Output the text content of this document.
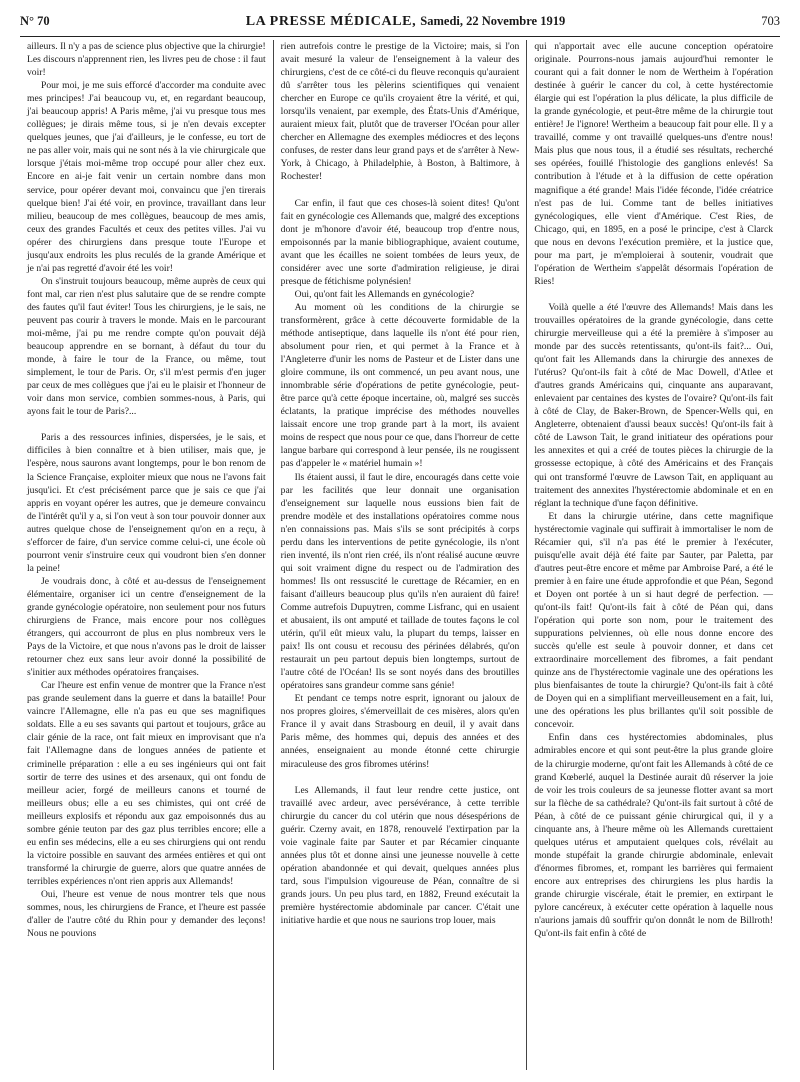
N° 70	LA PRESSE MÉDICALE, Samedi, 22 Novembre 1919	703

ailleurs. Il n'y a pas de science plus objective que la chirurgie! Les discours n'apprennent rien, les livres peu de chose : il faut voir!

Pour moi, je me suis efforcé d'accorder ma conduite avec mes principes! J'ai beaucoup vu, et, en regardant beaucoup, j'ai beaucoup appris! A Paris même, j'ai vu presque tous mes collègues; je dirais même tous, si je n'en devais excepter quelques jeunes, que j'ai d'ailleurs, je le confesse, eu tort de ne pas aller voir, mais qui ne sont nés à la vie chirurgicale que lorsque j'étais moi-même trop occupé pour aller chez eux. Encore en ai-je fait venir un certain nombre dans mon service, pour opérer devant moi, convaincu que j'en tirerais quelque bien! J'ai été voir, en province, travaillant dans leur milieu, beaucoup de mes collègues, beaucoup de mes amis, ceux des grandes Facultés et ceux des petites villes. J'ai vu opérer des chirurgiens dans presque toute l'Europe et jusqu'aux endroits les plus reculés de la grande Amérique et je n'ai pas regretté d'avoir été les voir!

On s'instruit toujours beaucoup, même auprès de ceux qui font mal, car rien n'est plus salutaire que de se rendre compte des fautes qu'il faut éviter! Tous les chirurgiens, je le sais, ne peuvent pas courir à travers le monde. Mais en le parcourant moi-même, j'ai pu me rendre compte qu'on pouvait déjà beaucoup apprendre en se bornant, à défaut du tour du monde, à faire le tour de la France, ou même, tout simplement, le tour de Paris. Or, s'il m'est permis d'en juger par ceux de mes collègues que j'ai eu le plaisir et l'honneur de voir dans mon service, combien sommes-nous, à Paris, qui ayons fait le tour de Paris?...

Paris a des ressources infinies, dispersées, je le sais, et difficiles à bien connaître et à bien utiliser, mais que, je l'espère, nous saurons avant longtemps, pour le bon renom de la Science Française, exploiter mieux que nous ne l'avons fait jusqu'ici. Et c'est précisément parce que je sais ce que j'ai appris en voyant opérer les autres, que je demeure convaincu de l'intérêt qu'il y a, si l'on veut à son tour pouvoir donner aux autres quelque chose de l'enseignement qu'on en a reçu, à s'efforcer de faire, d'un service comme celui-ci, une école où pourront venir s'instruire ceux qui voudront bien s'en donner la peine!

Je voudrais donc, à côté et au-dessus de l'enseignement élémentaire, organiser ici un centre d'enseignement de la grande gynécologie opératoire, non seulement pour nos futurs chirurgiens de France, mais encore pour nos collègues étrangers, qui accourront de plus en plus nombreux vers le Pays de la Victoire, et que nous n'avons pas le droit de laisser retourner chez eux sans leur avoir donné la possibilité de s'initier aux méthodes opératoires françaises.

Car l'heure est enfin venue de montrer que la France n'est pas grande seulement dans la guerre et dans la bataille! Pour vaincre l'Allemagne, elle n'a pas eu que ses magnifiques soldats. Elle a eu ses savants qui partout et toujours, grâce au clair génie de la race, ont fait mieux en improvisant que n'a fait l'Allemagne dans de longues années de patiente et criminelle préparation : elle a eu ses ingénieurs qui ont fait sortir de terre des usines et des arsenaux, qui ont fondu de meilleur acier, forgé de meilleurs canons et tourné de meilleurs obus; elle a eu ses chimistes, qui ont créé de meilleurs explosifs et répondu aux gaz empoisonnés dus au sombre génie teuton par des gaz plus terribles encore; elle a eu enfin ses médecins, elle a eu ses chirurgiens qui ont rendu la victoire possible en sauvant des armées entières et qui ont transformé la chirurgie de guerre, alors que quatre années de terribles expériences n'ont rien appris aux Allemands!

Oui, l'heure est venue de nous montrer tels que nous sommes, nous, les chirurgiens de France, et l'heure est passée d'aller de l'autre côté du Rhin pour y demander des leçons! Nous ne pouvions

rien autrefois contre le prestige de la Victoire; mais, si l'on avait mesuré la valeur de l'enseignement à la valeur des chirurgiens, c'est de ce côté-ci du fleuve reconquis qu'auraient dû s'arrêter tous les pèlerins scientifiques qui venaient chercher en Europe ce qu'ils croyaient être la vérité, et qui, lorsqu'ils venaient, par exemple, des États-Unis d'Amérique, auraient mieux fait, plutôt que de traverser l'Océan pour aller chercher en Allemagne des exemples médiocres et des leçons confuses, de rester dans leur grand pays et de s'arrêter à New-York, à Chicago, à Philadelphie, à Boston, à Baltimore, à Rochester!

Car enfin, il faut que ces choses-là soient dites! Qu'ont fait en gynécologie ces Allemands que, malgré des exceptions dont je m'honore d'avoir été, beaucoup trop d'entre nous, empoisonnés par la manie bibliographique, avaient coutume, avant que les écailles ne soient tombées de leurs yeux, de considérer avec une sorte d'admiration religieuse, je dirai presque de fétichisme polynésien!

Oui, qu'ont fait les Allemands en gynécologie?

Au moment où les conditions de la chirurgie se transformèrent, grâce à cette découverte formidable de la méthode antiseptique, dans laquelle ils n'ont été pour rien, absolument pour rien, et qui permet à la France et à l'Angleterre d'unir les noms de Pasteur et de Lister dans une gloire commune, ils ont commencé, un peu avant nous, une innombrable série d'opérations de petite gynécologie, peut-être parce qu'à cette époque incertaine, où, malgré ses succès éclatants, la pratique imprécise des méthodes nouvelles laissait encore une trop grande part à la mort, ils avaient moins de respect que nous pour ce que, dans l'horreur de cette langue barbare qui correspond à leur pensée, ils ne rougissent pas d'appeler le « matériel humain »!

Ils étaient aussi, il faut le dire, encouragés dans cette voie par les facilités que leur donnait une organisation d'enseignement sur laquelle nous eussions bien fait de prendre modèle et des installations opératoires comme nous n'en connaissions pas. Mais s'ils se sont précipités à corps perdu dans les interventions de petite gynécologie, ils n'ont rien inventé, ils n'ont rien créé, ils n'ont réalisé aucune œuvre qui soit vraiment digne du respect ou de l'admiration des hommes! Ils ont ressuscité le curettage de Récamier, en en faisant d'ailleurs beaucoup plus qu'ils n'en auraient dû faire! Comme autrefois Dupuytren, comme Lisfranc, qui en usaient et abusaient, ils ont amputé et taillade de toutes façons le col utérin, qu'il eût mieux valu, la plupart du temps, laisser en paix! Ils ont cousu et recousu des périnées délabrés, qu'on restaurait un peu partout depuis bien longtemps, surtout de l'autre côté de l'Océan! Ils se sont noyés dans des broutilles opératoires sans grandeur comme sans génie!

Et pendant ce temps notre esprit, ignorant ou jaloux de nos propres gloires, s'émerveillait de ces misères, alors qu'en France il y avait dans Strasbourg en deuil, il y avait dans Paris même, des hommes qui, depuis des années et des années, enseignaient au monde étonné cette chirurgie miraculeuse des gros fibromes utérins!

Les Allemands, il faut leur rendre cette justice, ont travaillé avec ardeur, avec persévérance, à cette terrible chirurgie du cancer du col utérin que nous désespérions de guérir. Czerny avait, en 1878, renouvelé l'extirpation par la voie vaginale faite par Sauter et par Récamier cinquante années plus tôt et donne ainsi une jeunesse nouvelle à cette opération abandonnée et qui devait, quelques années plus tard, sous l'impulsion vigoureuse de Péan, connaître de si grands jours. Un peu plus tard, en 1882, Freund exécutait la première hystérectomie abdominale par cancer. C'était une initiative hardie et que nous ne saurions trop louer, mais

qui n'apportait avec elle aucune conception opératoire originale. Pourrons-nous jamais aujourd'hui remonter le courant qui a fait donner le nom de Wertheim à l'opération destinée à guérir le cancer du col, à cette hystérectomie élargie qui est l'opération la plus délicate, la plus difficile de la grande gynécologie, et peut-être même de la chirurgie tout entière! Je l'ignore! Wertheim a beaucoup fait pour elle. Il y a travaillé, comme y ont travaillé quelques-uns d'entre nous! Mais plus que nous tous, il a étudié ses résultats, recherché ses opérées, fouillé l'histologie des ganglions enlevés! Sa contribution à l'étude et à la diffusion de cette opération magnifique a été grande! Mais l'idée féconde, l'idée créatrice n'est pas de lui. Comme tant de belles initiatives gynécologiques, elle vient d'Amérique. C'est Ries, de Chicago, qui, en 1895, en a posé le principe, c'est à Clarck que nous en devons l'exécution première, et la justice que, pour ma part, je m'emploierai à soutenir, voudrait que l'opération de Wertheim s'appelât désormais l'opération de Ries!

Voilà quelle a été l'œuvre des Allemands! Mais dans les trouvailles opératoires de la grande gynécologie, dans cette chirurgie merveilleuse qui a été la première à s'imposer au monde par des succès retentissants, qu'ont-ils fait?... Oui, qu'ont fait les Allemands dans la chirurgie des annexes de l'utérus? Qu'ont-ils fait à côté de Mac Dowell, d'Atlee et d'autres grands Américains qui, cinquante ans auparavant, enlevaient par centaines des kystes de l'ovaire? Qu'ont-ils fait à côté de Clay, de Baker-Brown, de Spencer-Wells qui, en Angleterre, obtenaient d'aussi beaux succès! Qu'ont-ils fait à côté de Lawson Tait, le grand initiateur des opérations pour les annexites et qui a créé de toutes pièces la chirurgie de la grossesse ectopique, à côté des Américains et des Français qui ont transformé l'œuvre de Lawson Tait, en appliquant au traitement des annexites l'hystérectomie abdominale et en en réglant la technique d'une façon définitive.

Et dans la chirurgie utérine, dans cette magnifique hystérectomie vaginale qui suffirait à immortaliser le nom de Récamier qui, s'il n'a pas été le premier à l'exécuter, puisqu'elle avait déjà été faite par Sauter, par Paletta, par d'autres peut-être encore et même par Ambroise Paré, a été le premier à en faire une étude approfondie et que Péan, Segond et Doyen ont portée à un si haut degré de perfection. — qu'ont-ils fait! Qu'ont-ils fait à côté de Péan qui, dans l'opération qui porte son nom, pour le traitement des suppurations pelviennes, où elle nous donne encore des succès qu'elle est seule à pouvoir donner, et dans cet extraordinaire morcellement des fibromes, a fait pendant quinze ans de l'hystérectomie vaginale une des opérations les plus bienfaisantes de toute la chirurgie? Qu'ont-ils fait à côté de Doyen qui en a simplifiant merveilleusement en a fait, lui, une des opérations les plus brillantes qu'il soit possible de concevoir.

Enfin dans ces hystérectomies abdominales, plus admirables encore et qui sont peut-être la plus grande gloire de la chirurgie moderne, qu'ont fait les Allemands à côté de ce grand Kœberlé, auquel la Destinée aurait dû réserver la joie de voir les trois couleurs de sa jeunesse flotter avant sa mort sur la flèche de sa cathédrale? Qu'ont-ils fait surtout à côté de Péan, à côté de ce puissant génie chirurgical qui, il y a cinquante ans, à l'heure même où les Allemands curettaient quelques utérus et amputaient quelques cols, révélait au monde stupéfait la grande chirurgie abdominale, enlevait d'énormes fibromes, et, rompant les barrières qui fermaient encore aux entreprises des chirurgiens les plus hardis la grande chirurgie viscérale, était le premier, en extirpant le pylore cancéreux, à exécuter cette opération à laquelle nous n'aurions jamais dû souffrir qu'on donnât le nom de Billroth! Qu'ont-ils fait enfin à côté de
